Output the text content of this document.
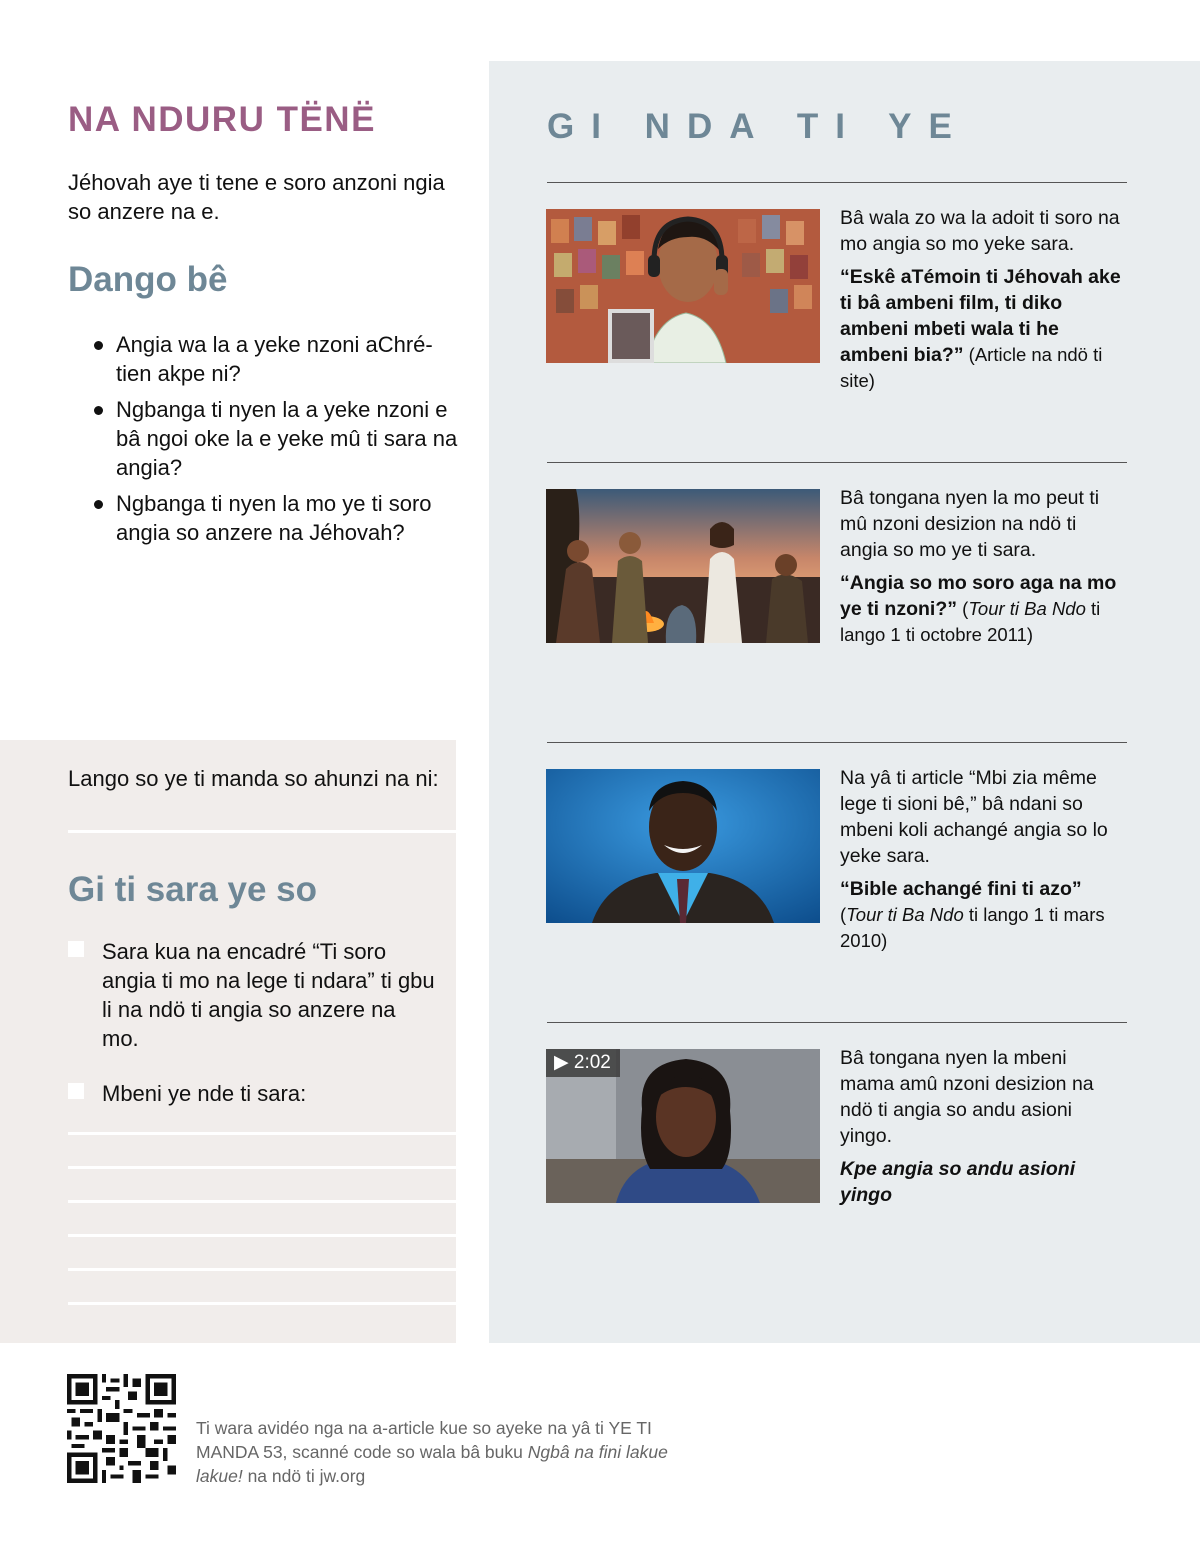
NA NDURU TËNË

Jéhovah aye ti tene e soro anzoni ngia so anzere na e.

Dango bê
Angia wa la a yeke nzoni aChré-tien akpe ni?
Ngbanga ti nyen la a yeke nzoni e bâ ngoi oke la e yeke mû ti sara na angia?
Ngbanga ti nyen la mo ye ti soro angia so anzere na Jéhovah?

Lango so ye ti manda so ahunzi na ni:

Gi ti sara ye so
Sara kua na encadré “Ti soro angia ti mo na lege ti ndara” ti gbu li na ndö ti angia so anzere na mo.
Mbeni ye nde ti sara:
GI NDA TI YE
Bâ wala zo wa la adoit ti soro na mo angia so mo yeke sara.
“Eskê aTémoin ti Jéhovah ake ti bâ ambeni film, ti diko ambeni mbeti wala ti he ambeni bia?” (Article na ndö ti site)
Bâ tongana nyen la mo peut ti mû nzoni desizion na ndö ti angia so mo ye ti sara.
“Angia so mo soro aga na mo ye ti nzoni?” (Tour ti Ba Ndo ti lango 1 ti octobre 2011)
Na yâ ti article “Mbi zia même lege ti sioni bê,” bâ ndani so mbeni koli achangé angia so lo yeke sara.
“Bible achangé fini ti azo” (Tour ti Ba Ndo ti lango 1 ti mars 2010)
▶ 2:02	Bâ tongana nyen la mbeni mama amû nzoni desizion na ndö ti angia so andu asioni yingo.
Kpe angia so andu asioni yingo

Ti wara avidéo nga na a-article kue so ayeke na yâ ti YE TI MANDA 53, scanné code so wala bâ buku Ngbâ na fini lakue lakue! na ndö ti jw.org
